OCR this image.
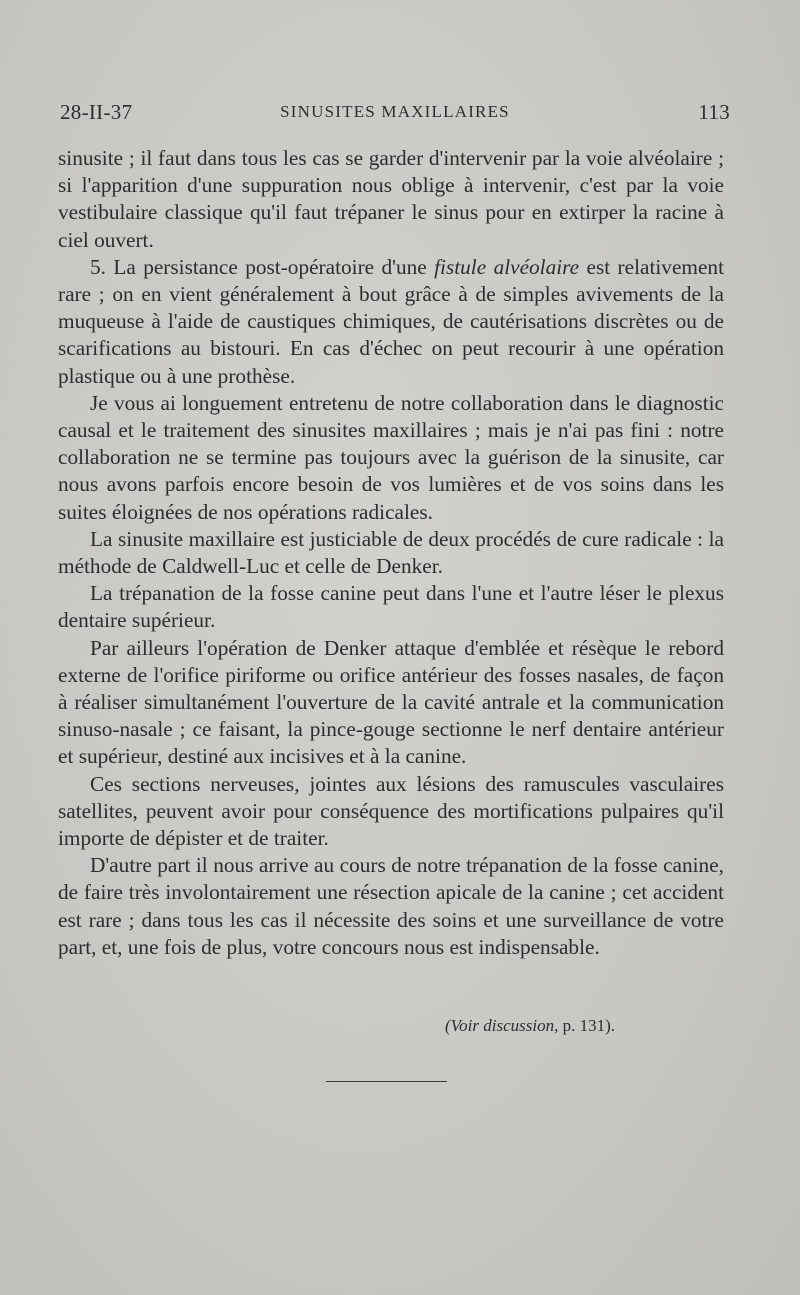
28-II-37	SINUSITES MAXILLAIRES	113

sinusite ; il faut dans tous les cas se garder d'intervenir par la voie alvéolaire ; si l'apparition d'une suppuration nous oblige à intervenir, c'est par la voie vestibulaire classique qu'il faut trépaner le sinus pour en extirper la racine à ciel ouvert.

5. La persistance post-opératoire d'une fistule alvéolaire est relativement rare ; on en vient généralement à bout grâce à de simples avivements de la muqueuse à l'aide de caustiques chimiques, de cautérisations discrètes ou de scarifications au bistouri. En cas d'échec on peut recourir à une opération plastique ou à une prothèse.

Je vous ai longuement entretenu de notre collaboration dans le diagnostic causal et le traitement des sinusites maxillaires ; mais je n'ai pas fini : notre collaboration ne se termine pas toujours avec la guérison de la sinusite, car nous avons parfois encore besoin de vos lumières et de vos soins dans les suites éloignées de nos opérations radicales.

La sinusite maxillaire est justiciable de deux procédés de cure radicale : la méthode de Caldwell-Luc et celle de Denker.

La trépanation de la fosse canine peut dans l'une et l'autre léser le plexus dentaire supérieur.

Par ailleurs l'opération de Denker attaque d'emblée et résèque le rebord externe de l'orifice piriforme ou orifice antérieur des fosses nasales, de façon à réaliser simultanément l'ouverture de la cavité antrale et la communication sinuso-nasale ; ce faisant, la pince-gouge sectionne le nerf dentaire antérieur et supérieur, destiné aux incisives et à la canine.

Ces sections nerveuses, jointes aux lésions des ramuscules vasculaires satellites, peuvent avoir pour conséquence des mortifications pulpaires qu'il importe de dépister et de traiter.

D'autre part il nous arrive au cours de notre trépanation de la fosse canine, de faire très involontairement une résection apicale de la canine ; cet accident est rare ; dans tous les cas il nécessite des soins et une surveillance de votre part, et, une fois de plus, votre concours nous est indispensable.

(Voir discussion, p. 131).
